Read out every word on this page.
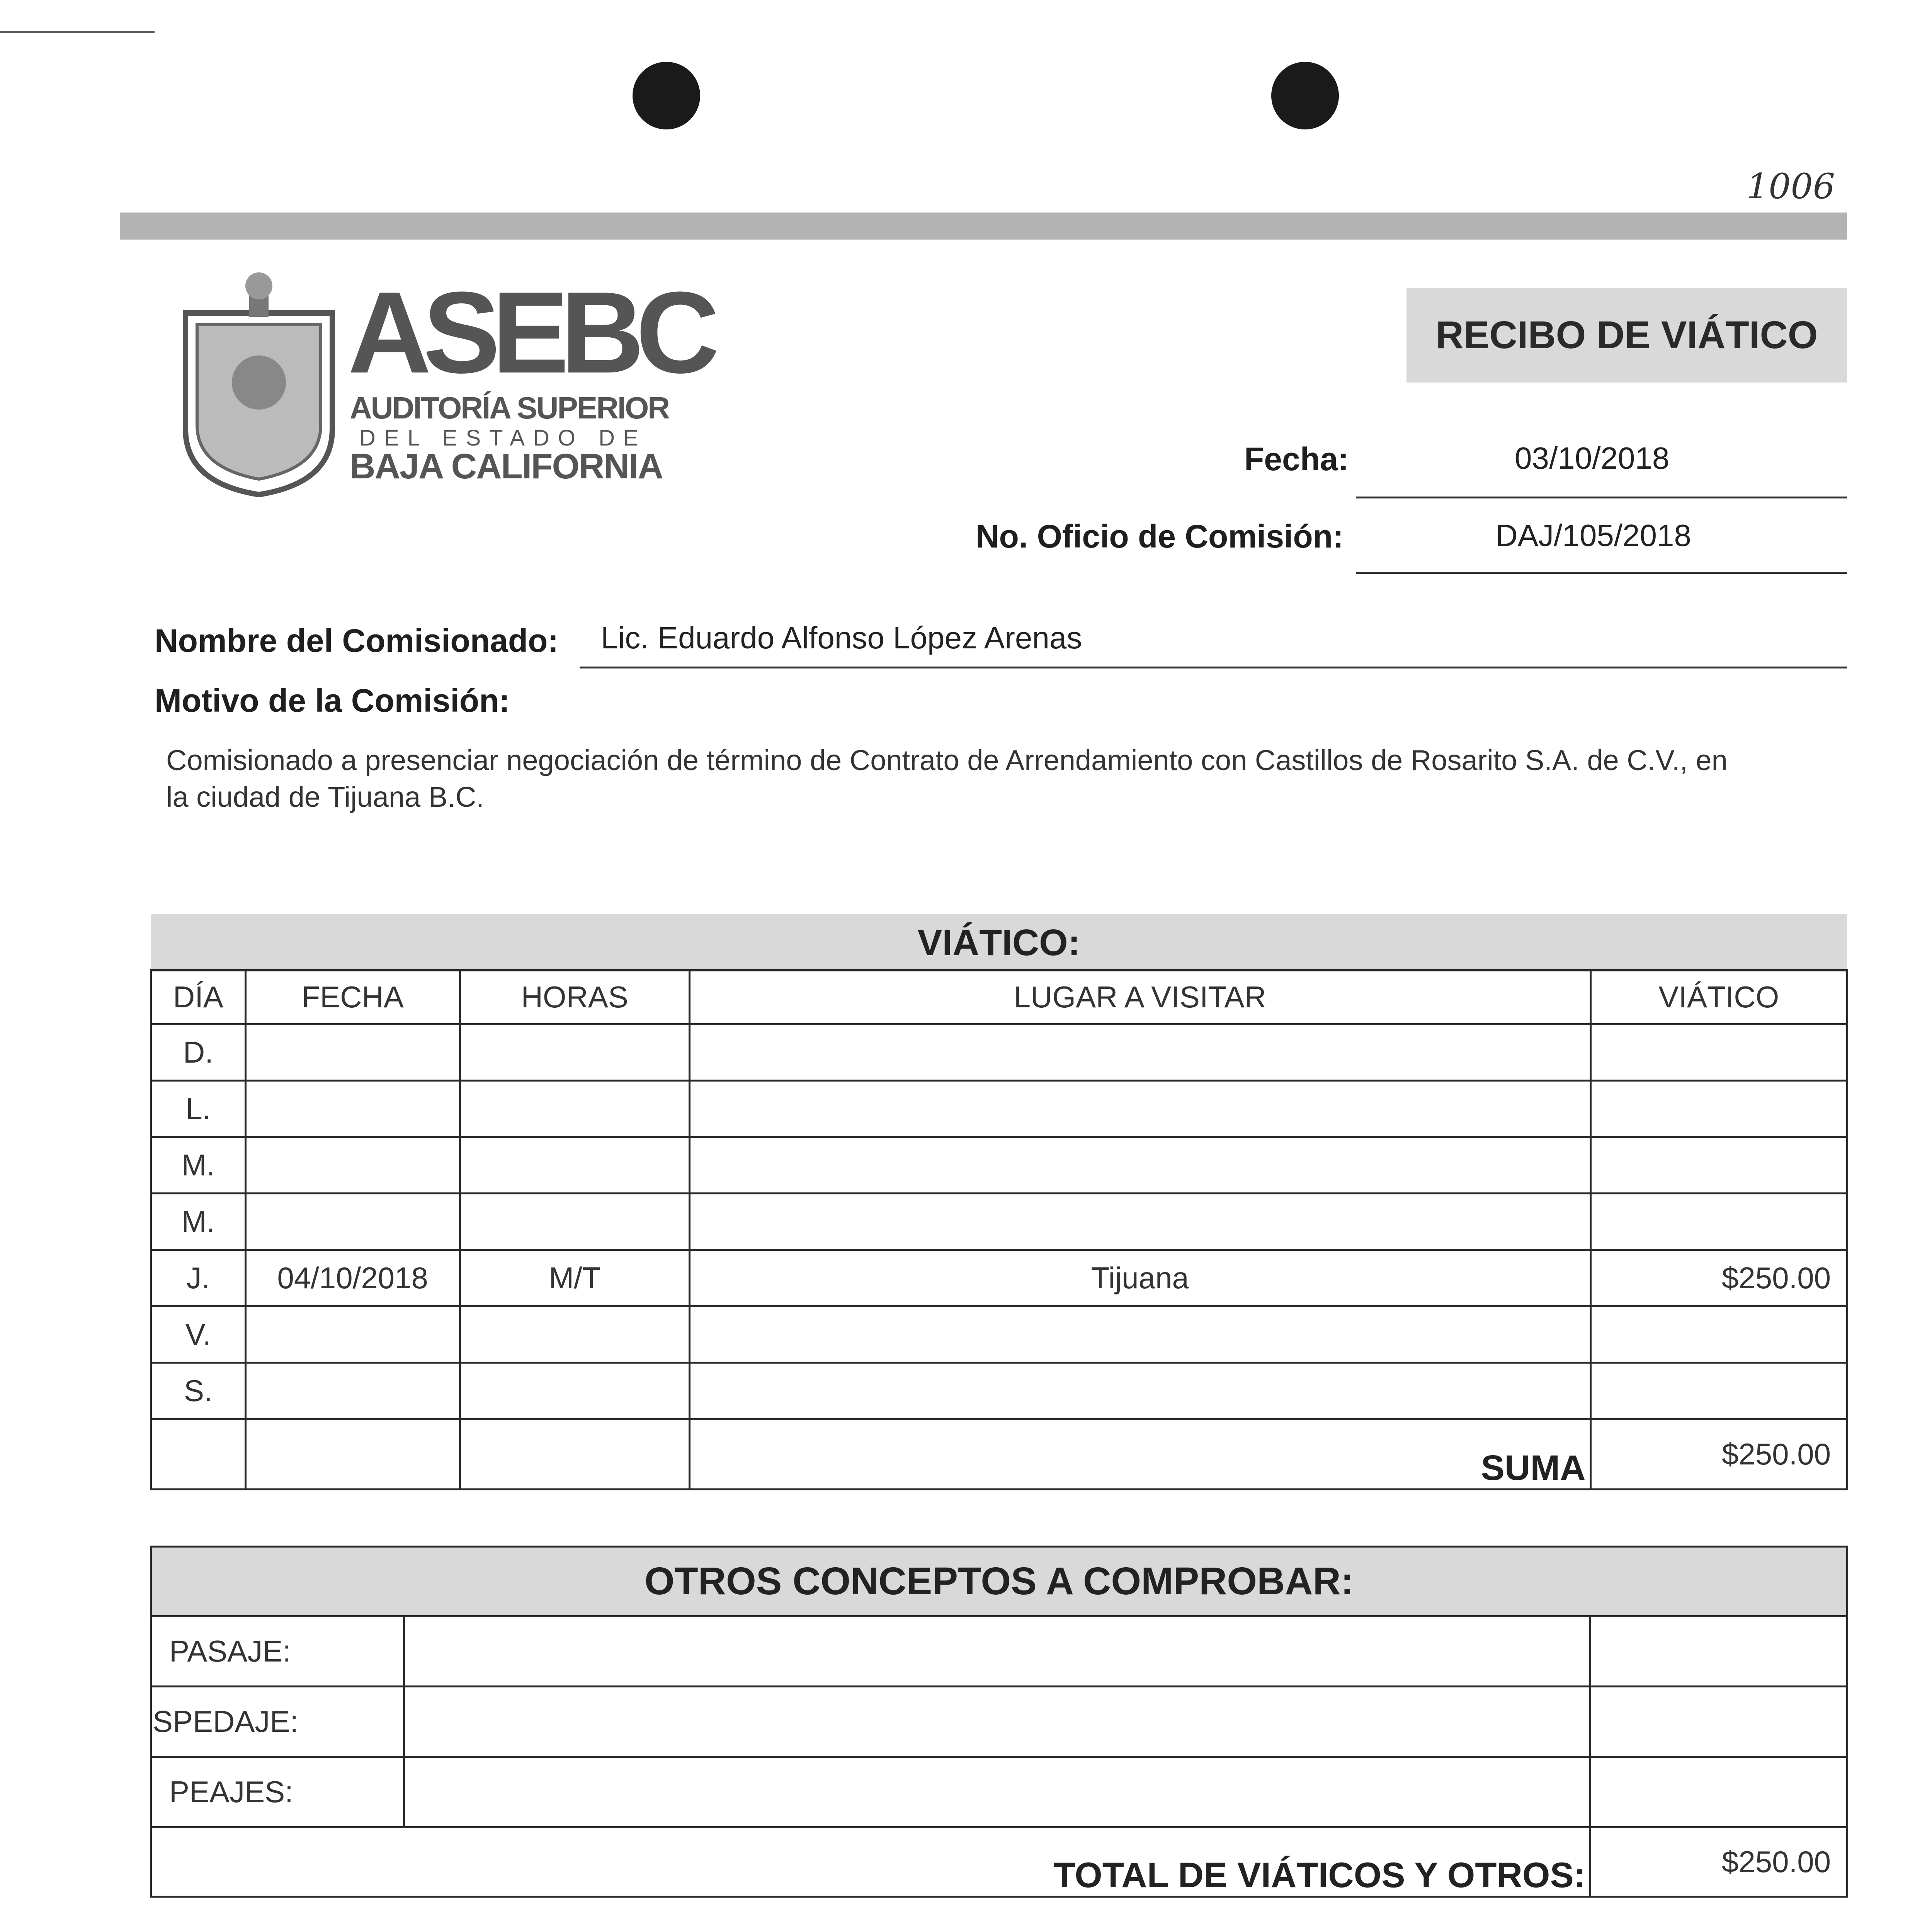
1006
ASEBC
AUDITORÍA SUPERIOR
DEL ESTADO DE
BAJA CALIFORNIA
RECIBO DE VIÁTICO
Fecha:	03/10/2018
No. Oficio de Comisión:	DAJ/105/2018
Nombre del Comisionado: Lic. Eduardo Alfonso López Arenas
Motivo de la Comisión:
Comisionado a presenciar negociación de término de Contrato de Arrendamiento con Castillos de Rosarito S.A. de C.V., en
la ciudad de Tijuana B.C.
VIÁTICO:
DÍA	FECHA	HORAS	LUGAR A VISITAR	VIÁTICO
D.				
L.				
M.				
M.				
J.	04/10/2018	M/T	Tijuana	$250.00
V.				
S.				
			SUMA	$250.00
OTROS CONCEPTOS A COMPROBAR:		
PASAJE:		
SPEDAJE:		
PEAJES:		
TOTAL DE VIÁTICOS Y OTROS:		$250.00
